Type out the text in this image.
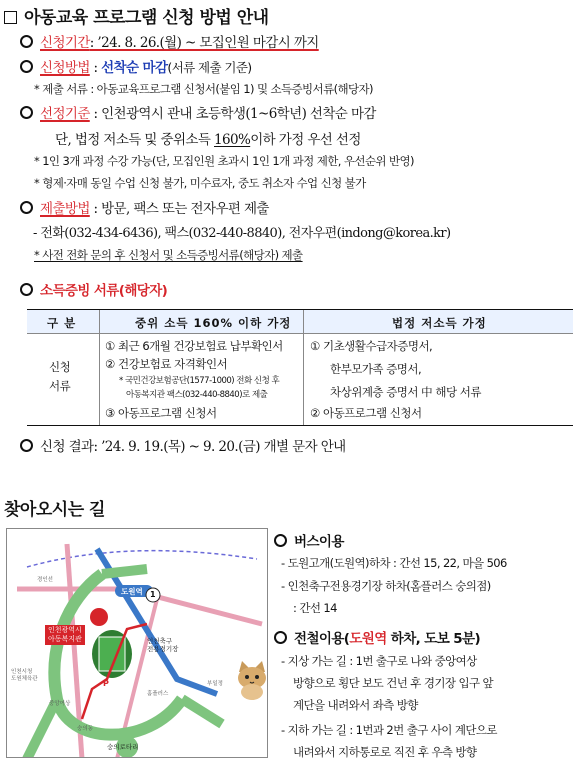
아동교육 프로그램 신청 방법 안내
신청기간: ’24. 8. 26.(월) ~ 모집인원 마감시 까지
신청방법 : 선착순 마감(서류 제출 기준)
* 제출 서류 : 아동교육프로그램 신청서(붙임 1) 및 소득증빙서류(해당자)
선정기준 : 인천광역시 관내 초등학생(1~6학년) 선착순 마감
단, 법정 저소득 및 중위소득 160%이하 가정 우선 선정
* 1인 3개 과정 수강 가능(단, 모집인원 초과시 1인 1개 과정 제한, 우선순위 반영)
* 형제·자매 동일 수업 신청 불가, 미수료자, 중도 취소자 수업 신청 불가
제출방법 : 방문, 팩스 또는 전자우편 제출
- 전화(032-434-6436), 팩스(032-440-8840), 전자우편(indong@korea.kr)
* 사전 전화 문의 후 신청서 및 소득증빙서류(해당자) 제출
소득증빙 서류(해당자)
구 분	중위 소득 160% 이하 가정	법정 저소득 가정
신청
서류
① 최근 6개월 건강보험료 납부확인서
② 건강보험료 자격확인서
* 국민건강보험공단(1577-1000) 전화 신청 후
아동복지관 팩스(032-440-8840)로 제출
③ 아동프로그램 신청서
① 기초생활수급자증명서,
한부모가족 증명서,
차상위계층 증명서 中 해당 서류
② 아동프로그램 신청서
신청 결과: ’24. 9. 19.(목) ~ 9. 20.(금) 개별 문자 안내
찾아오시는 길
인천광역시
아동복지관
도원역 1
인천축구
전용경기장
P
숭의로타리
인천시청
도원체육관
중앙여상
홈플러스
숭의동
부일정
경인선
버스이용
- 도원고개(도원역)하차 : 간선 15, 22, 마을 506
- 인천축구전용경기장 하차(홈플러스 숭의점)
: 간선 14
전철이용(도원역 하차, 도보 5분)
- 지상 가는 길 : 1번 출구로 나와 중앙여상
방향으로 횡단 보도 건넌 후 경기장 입구 앞
계단을 내려와서 좌측 방향
- 지하 가는 길 : 1번과 2번 출구 사이 계단으로
내려와서 지하통로로 직진 후 우측 방향
